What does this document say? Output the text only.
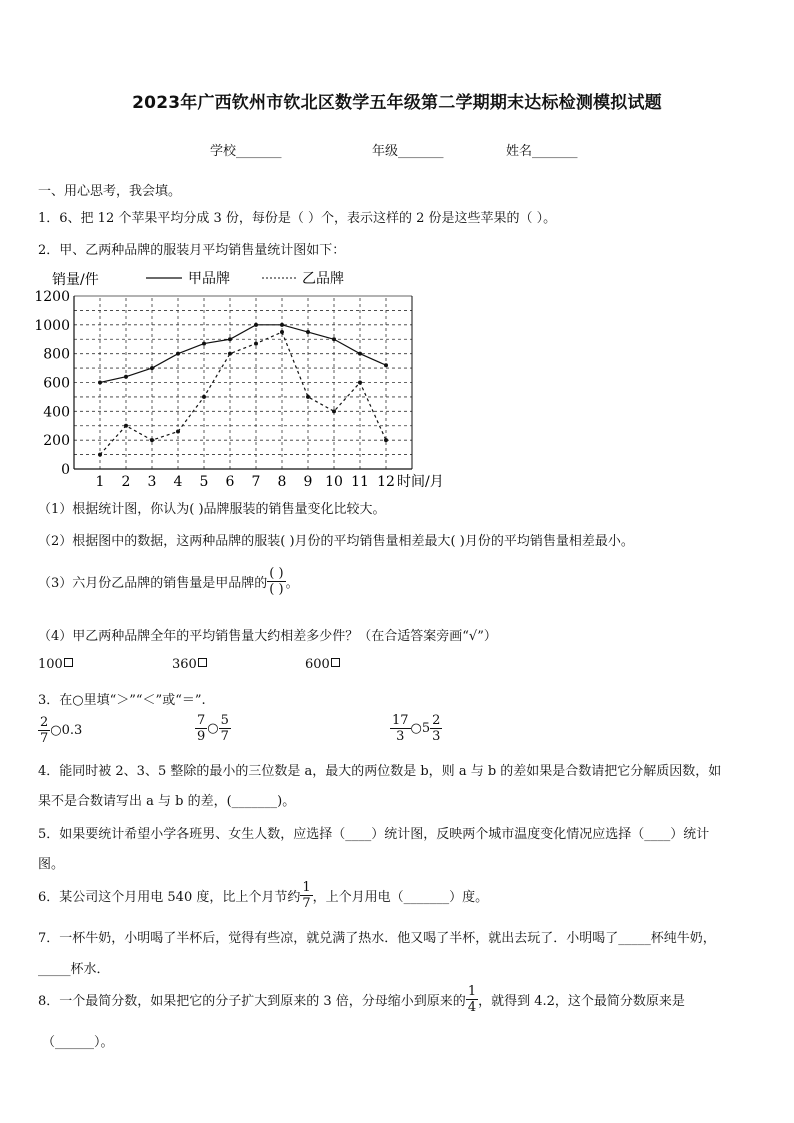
2023年广西钦州市钦北区数学五年级第二学期期末达标检测模拟试题
学校_______	年级_______	姓名_______
一、用心思考，我会填。
1．6、把 12 个苹果平均分成 3 份，每份是（ ）个，表示这样的 2 份是这些苹果的（ ）。
2．甲、乙两种品牌的服装月平均销售量统计图如下：
0
200
400
600
800
1000
1200
1 2 3 4 5 6 7 8 9 10 11 12 时间/月
销量/件	甲品牌	乙品牌
（1）根据统计图，你认为( )品牌服装的销售量变化比较大。
（2）根据图中的数据，这两种品牌的服装( )月份的平均销售量相差最大( )月份的平均销售量相差最小。
（3）六月份乙品牌的销售量是甲品牌的 $\frac{( )}{( )}$ 。
（4）甲乙两种品牌全年的平均销售量大约相差多少件？（在合适答案旁画“√”）
100	360	600
3．在○里填“＞”“＜”或“＝”.
$\frac{2}{7}$ ○0.3	$\frac{7}{9}$ ○ $\frac{5}{7}$	$\frac{17}{3}$ ○5 $\frac{2}{3}$
4．能同时被 2、3、5 整除的最小的三位数是 a，最大的两位数是 b，则 a 与 b 的差如果是合数请把它分解质因数，如
果不是合数请写出 a 与 b 的差，(_______)。
5．如果要统计希望小学各班男、女生人数，应选择（____）统计图，反映两个城市温度变化情况应选择（____）统计
图。
6．某公司这个月用电 540 度，比上个月节约 $\frac{1}{7}$ ，上个月用电（_______）度。
7．一杯牛奶，小明喝了半杯后，觉得有些凉，就兑满了热水．他又喝了半杯，就出去玩了．小明喝了_____杯纯牛奶，
_____杯水．
8．一个最简分数，如果把它的分子扩大到原来的 3 倍，分母缩小到原来的 $\frac{1}{4}$ ，就得到 4.2，这个最简分数原来是
（______）。
